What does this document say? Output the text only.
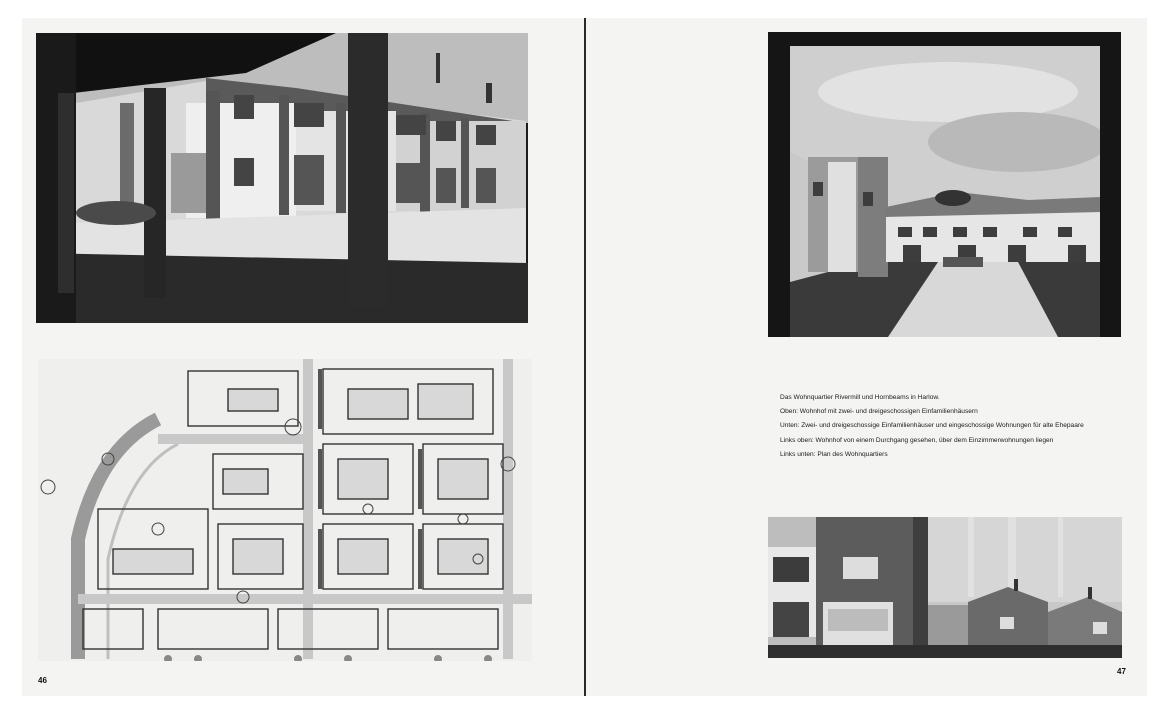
Das Wohnquartier Rivermill und Hornbeams in Harlow.
Oben: Wohnhof mit zwei- und dreigeschossigen Einfamilienhäusern
Unten: Zwei- und dreigeschossige Einfamilienhäuser und eingeschossige Wohnungen für alte Ehepaare
Links oben: Wohnhof von einem Durchgang gesehen, über dem Einzimmerwohnungen liegen
Links unten: Plan des Wohnquartiers
46
47
